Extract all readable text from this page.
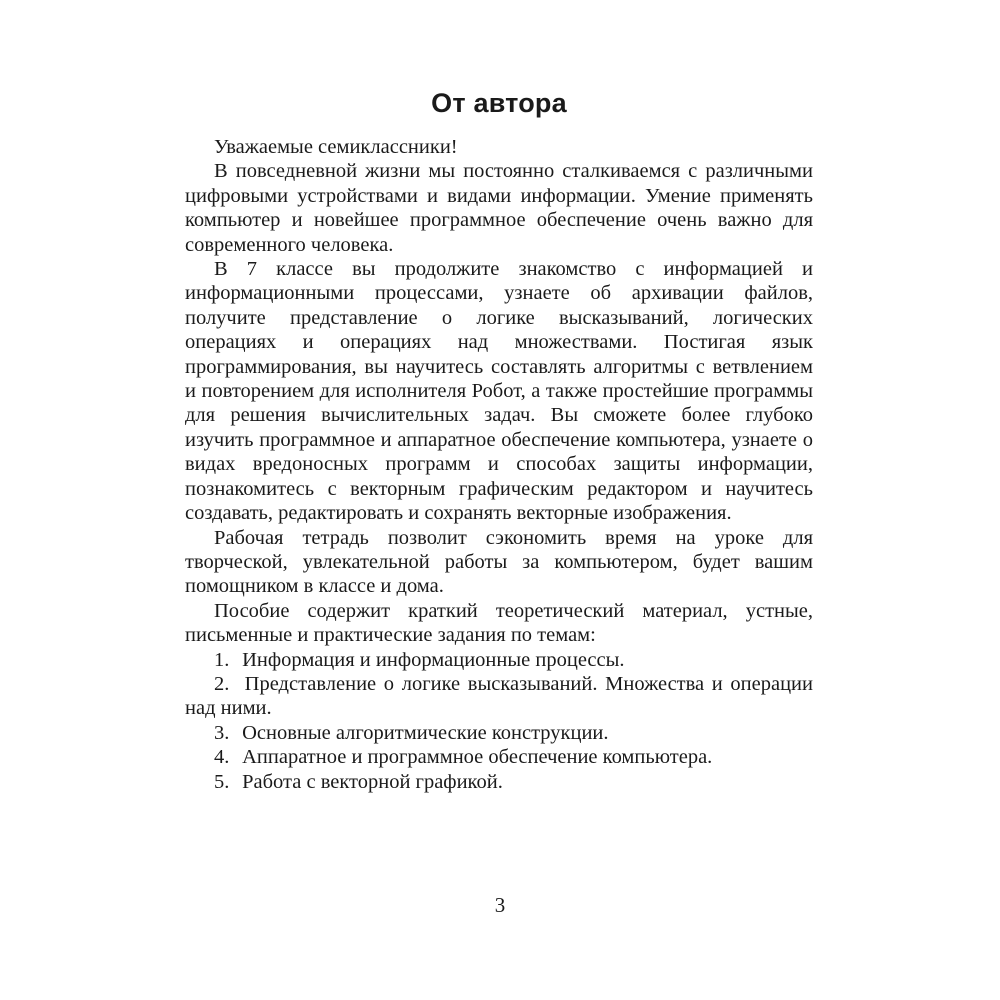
От автора

Уважаемые семиклассники!

В повседневной жизни мы постоянно сталкиваемся с различными цифровыми устройствами и видами информации. Умение применять компьютер и новейшее программное обеспечение очень важно для современного человека.

В 7 классе вы продолжите знакомство с информацией и информационными процессами, узнаете об архивации файлов, получите представление о логике высказываний, логических операциях и операциях над множествами. Постигая язык программирования, вы научитесь составлять алгоритмы с ветвлением и повторением для исполнителя Робот, а также простейшие программы для решения вычислительных задач. Вы сможете более глубоко изучить программное и аппаратное обеспечение компьютера, узнаете о видах вредоносных программ и способах защиты информации, познакомитесь с векторным графическим редактором и научитесь создавать, редактировать и сохранять векторные изображения.

Рабочая тетрадь позволит сэкономить время на уроке для творческой, увлекательной работы за компьютером, будет вашим помощником в классе и дома.

Пособие содержит краткий теоретический материал, устные, письменные и практические задания по темам:

1. Информация и информационные процессы.
2. Представление о логике высказываний. Множества и операции над ними.
3. Основные алгоритмические конструкции.
4. Аппаратное и программное обеспечение компьютера.
5. Работа с векторной графикой.
3
